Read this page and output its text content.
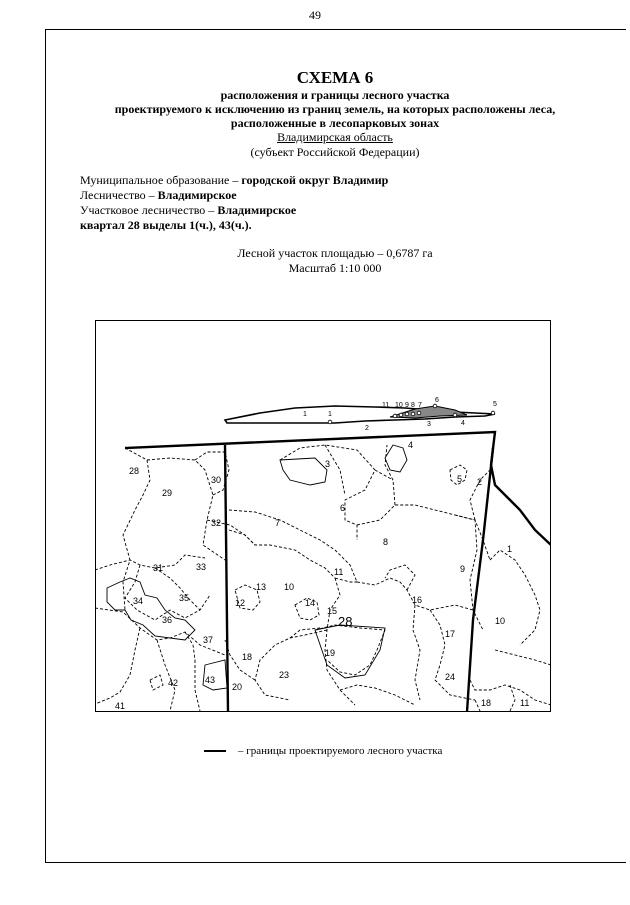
49
СХЕМА 6
расположения и границы лесного участка
проектируемого к исключению из границ земель, на которых расположены леса,
расположенные в лесопарковых зонах
Владимирская область
(субъект Российской Федерации)
Муниципальное образование – городской округ Владимир
Лесничество – Владимирское
Участковое лесничество – Владимирское
квартал 28 выделы 1(ч.), 43(ч.).
Лесной участок площадью – 0,6787 га
Масштаб 1:10 000
1	1
2
3	4
5
6
7
8
9
10
11
28
29
30
32
31	33
34	35
36
37
41
42	43
3
4
5 2
6
7
8
9
1
10
11
12
13
14
15
16
17
18	19
20
23	24
18
10
11
28
– границы проектируемого лесного участка
